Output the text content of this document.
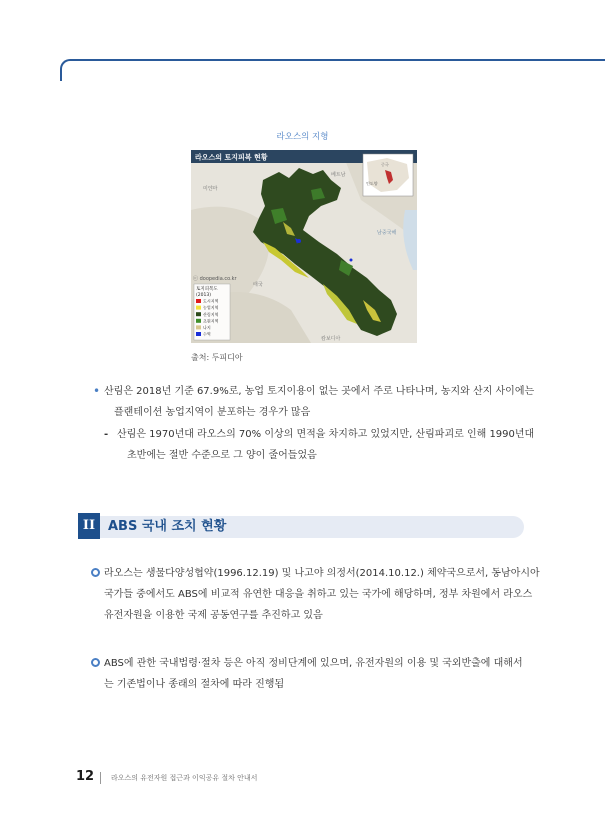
라오스의 지형
라오스의 토지피복 현황
중국
인도양
미얀마
베트남
남중국해
태국
캄보디아
ⓒ doopedia.co.kr
토지피복도
(2013)
도시지역
농업지역
산림지역
초원지역
나지
수역
출처: 두피디아
• 산림은 2018년 기준 67.9%로, 농업 토지이용이 없는 곳에서 주로 나타나며, 농지와 산지 사이에는
플랜테이션 농업지역이 분포하는 경우가 많음
- 산림은 1970년대 라오스의 70% 이상의 면적을 차지하고 있었지만, 산림파괴로 인해 1990년대
초반에는 절반 수준으로 그 양이 줄어들었음
II ABS 국내 조치 현황
라오스는 생물다양성협약(1996.12.19) 및 나고야 의정서(2014.10.12.) 체약국으로서, 동남아시아
국가들 중에서도 ABS에 비교적 유연한 대응을 취하고 있는 국가에 해당하며, 정부 차원에서 라오스
유전자원을 이용한 국제 공동연구를 추진하고 있음
ABS에 관한 국내법령·절차 등은 아직 정비단계에 있으며, 유전자원의 이용 및 국외반출에 대해서
는 기존법이나 종래의 절차에 따라 진행됨
12 라오스의 유전자원 접근과 이익공유 절차 안내서
